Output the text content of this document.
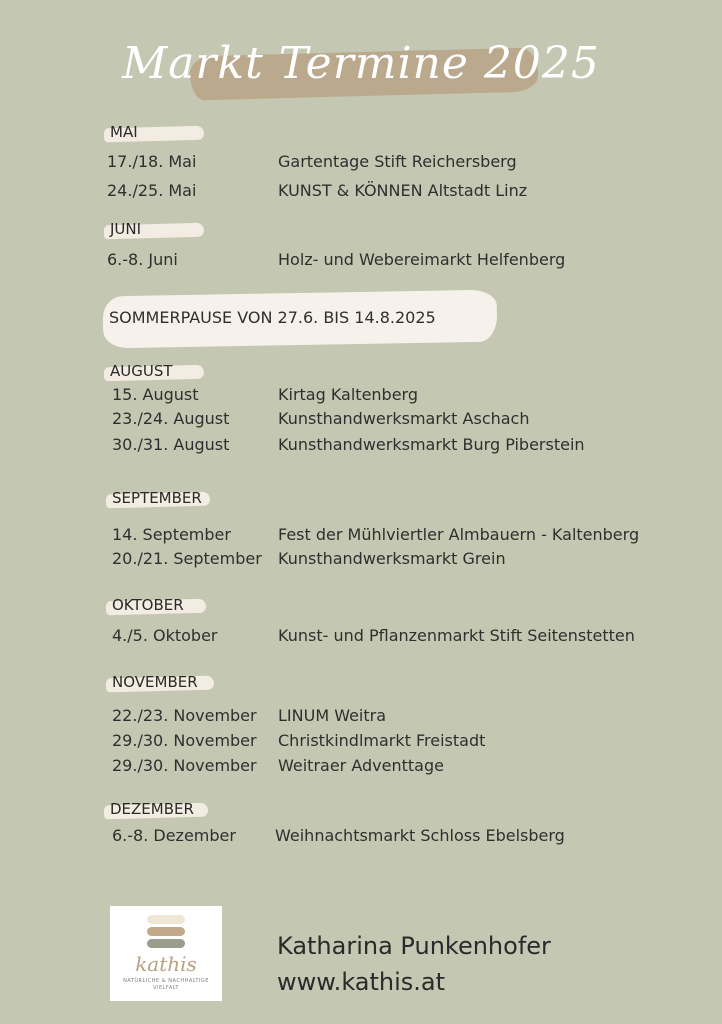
Markt Termine 2025
MAI
17./18. Mai	Gartentage Stift Reichersberg
24./25. Mai	KUNST & KÖNNEN Altstadt Linz
JUNI
6.-8. Juni	Holz- und Webereimarkt Helfenberg
SOMMERPAUSE VON 27.6. BIS 14.8.2025
AUGUST
15. August	Kirtag Kaltenberg
23./24. August	Kunsthandwerksmarkt Aschach
30./31. August	Kunsthandwerksmarkt Burg Piberstein
SEPTEMBER
14. September	Fest der Mühlviertler Almbauern - Kaltenberg
20./21. September Kunsthandwerksmarkt Grein
OKTOBER
4./5. Oktober	Kunst- und Pflanzenmarkt Stift Seitenstetten
NOVEMBER
22./23. November LINUM Weitra
29./30. November Christkindlmarkt Freistadt
29./30. November Weitraer Adventtage
DEZEMBER
6.-8. Dezember Weihnachtsmarkt Schloss Ebelsberg
kathis
NATÜRLICHE & NACHHALTIGE VIELFALT
Katharina Punkenhofer
www.kathis.at
